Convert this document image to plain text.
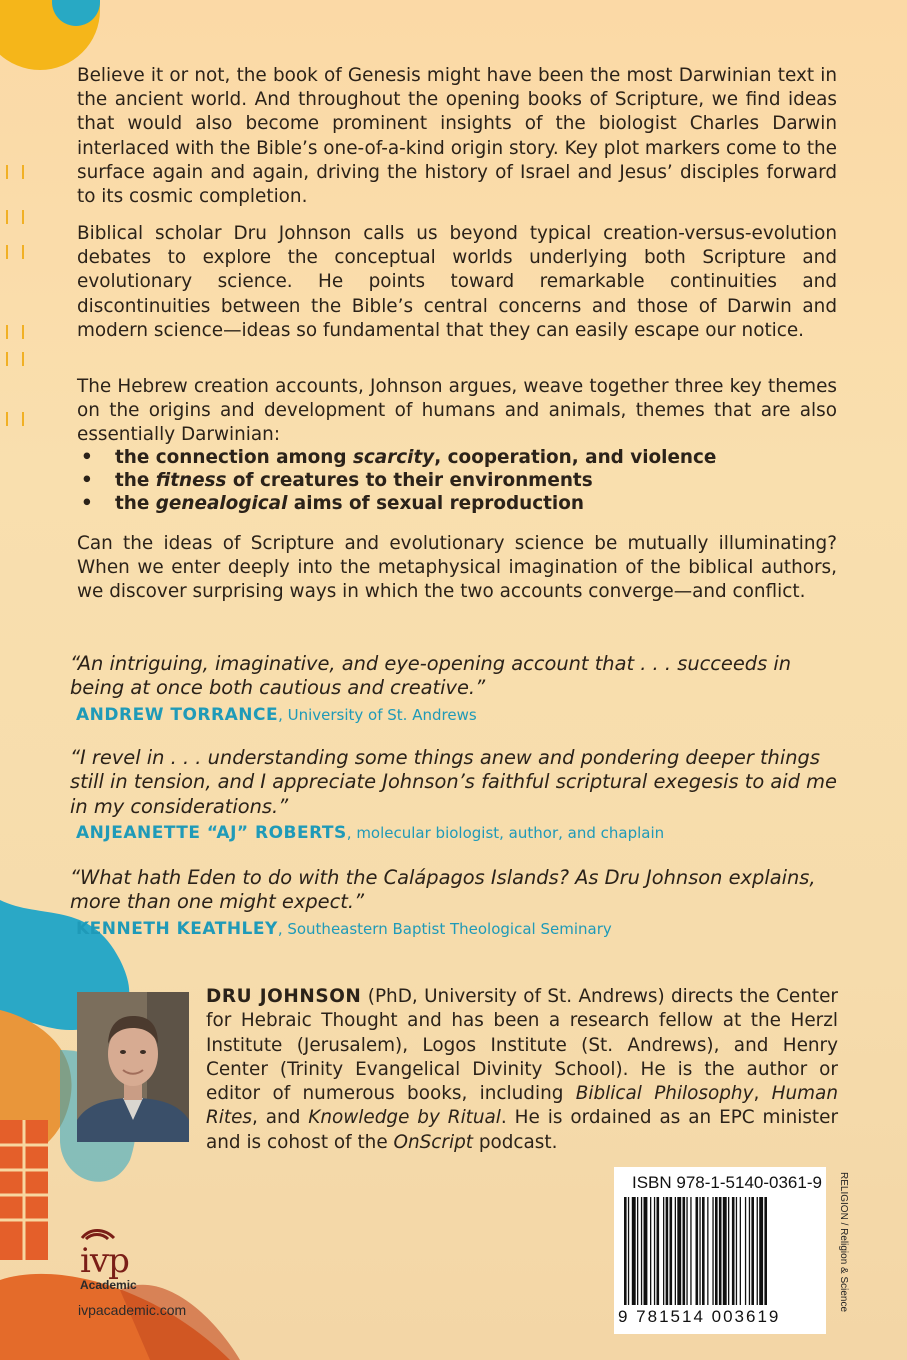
ivp
Academic
ivpacademic.com

Believe it or not, the book of Genesis might have been the most Darwinian text in the ancient world. And throughout the opening books of Scripture, we find ideas that would also become prominent insights of the biologist Charles Darwin interlaced with the Bible’s one-of-a-kind origin story. Key plot markers come to the surface again and again, driving the history of Israel and Jesus’ disciples forward to its cosmic completion.

Biblical scholar Dru Johnson calls us beyond typical creation-versus-evolution debates to explore the conceptual worlds underlying both Scripture and evolutionary science. He points toward remarkable continuities and discontinuities between the Bible’s central concerns and those of Darwin and modern science—ideas so fundamental that they can easily escape our notice.

The Hebrew creation accounts, Johnson argues, weave together three key themes on the origins and development of humans and animals, themes that are also essentially Darwinian:

• the connection among scarcity, cooperation, and violence
• the fitness of creatures to their environments
• the genealogical aims of sexual reproduction

Can the ideas of Scripture and evolutionary science be mutually illuminating? When we enter deeply into the metaphysical imagination of the biblical authors, we discover surprising ways in which the two accounts converge—and conflict.

“An intriguing, imaginative, and eye-opening account that . . . succeeds in being at once both cautious and creative.”
ANDREW TORRANCE, University of St. Andrews
“I revel in . . . understanding some things anew and pondering deeper things still in tension, and I appreciate Johnson’s faithful scriptural exegesis to aid me in my considerations.”
ANJEANETTE “AJ” ROBERTS, molecular biologist, author, and chaplain
“What hath Eden to do with the Calápagos Islands? As Dru Johnson explains, more than one might expect.”
KENNETH KEATHLEY, Southeastern Baptist Theological Seminary

DRU JOHNSON (PhD, University of St. Andrews) directs the Center for Hebraic Thought and has been a research fellow at the Herzl Institute (Jerusalem), Logos Institute (St. Andrews), and Henry Center (Trinity Evangelical Divinity School). He is the author or editor of numerous books, including Biblical Philosophy, Human Rites, and Knowledge by Ritual. He is ordained as an EPC minister and is cohost of the OnScript podcast.

ISBN 978-1-5140-0361-9
9 781514 003619
RELIGION / Religion & Science
